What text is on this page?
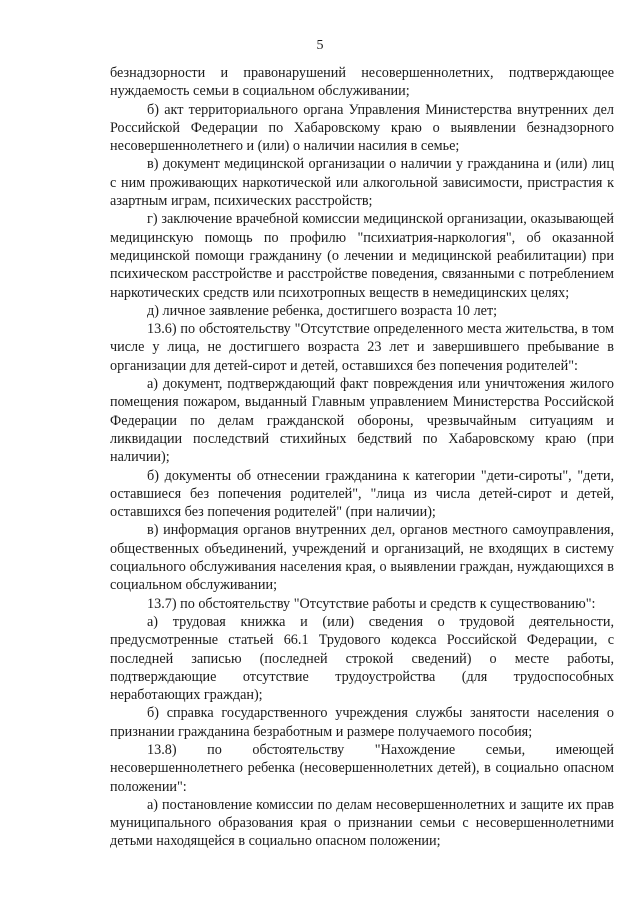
5

безнадзорности и правонарушений несовершеннолетних, подтверждающее нуждаемость семьи в социальном обслуживании;

б) акт территориального органа Управления Министерства внутренних дел Российской Федерации по Хабаровскому краю о выявлении безнадзорного несовершеннолетнего и (или) о наличии насилия в семье;

в) документ медицинской организации о наличии у гражданина и (или) лиц с ним проживающих наркотической или алкогольной зависимости, пристрастия к азартным играм, психических расстройств;

г) заключение врачебной комиссии медицинской организации, оказывающей медицинскую помощь по профилю "психиатрия-наркология", об оказанной медицинской помощи гражданину (о лечении и медицинской реабилитации) при психическом расстройстве и расстройстве поведения, связанными с потреблением наркотических средств или психотропных веществ в немедицинских целях;

д) личное заявление ребенка, достигшего возраста 10 лет;

13.6) по обстоятельству "Отсутствие определенного места жительства, в том числе у лица, не достигшего возраста 23 лет и завершившего пребывание в организации для детей-сирот и детей, оставшихся без попечения родителей":

а) документ, подтверждающий факт повреждения или уничтожения жилого помещения пожаром, выданный Главным управлением Министерства Российской Федерации по делам гражданской обороны, чрезвычайным ситуациям и ликвидации последствий стихийных бедствий по Хабаровскому краю (при наличии);

б) документы об отнесении гражданина к категории "дети-сироты", "дети, оставшиеся без попечения родителей", "лица из числа детей-сирот и детей, оставшихся без попечения родителей" (при наличии);

в) информация органов внутренних дел, органов местного самоуправления, общественных объединений, учреждений и организаций, не входящих в систему социального обслуживания населения края, о выявлении граждан, нуждающихся в социальном обслуживании;

13.7) по обстоятельству "Отсутствие работы и средств к существованию":

а) трудовая книжка и (или) сведения о трудовой деятельности, предусмотренные статьей 66.1 Трудового кодекса Российской Федерации, с последней записью (последней строкой сведений) о месте работы, подтверждающие отсутствие трудоустройства (для трудоспособных неработающих граждан);

б) справка государственного учреждения службы занятости населения о признании гражданина безработным и размере получаемого пособия;

13.8) по обстоятельству "Нахождение семьи, имеющей несовершеннолетнего ребенка (несовершеннолетних детей), в социально опасном положении":

а) постановление комиссии по делам несовершеннолетних и защите их прав муниципального образования края о признании семьи с несовершеннолетними детьми находящейся в социально опасном положении;
